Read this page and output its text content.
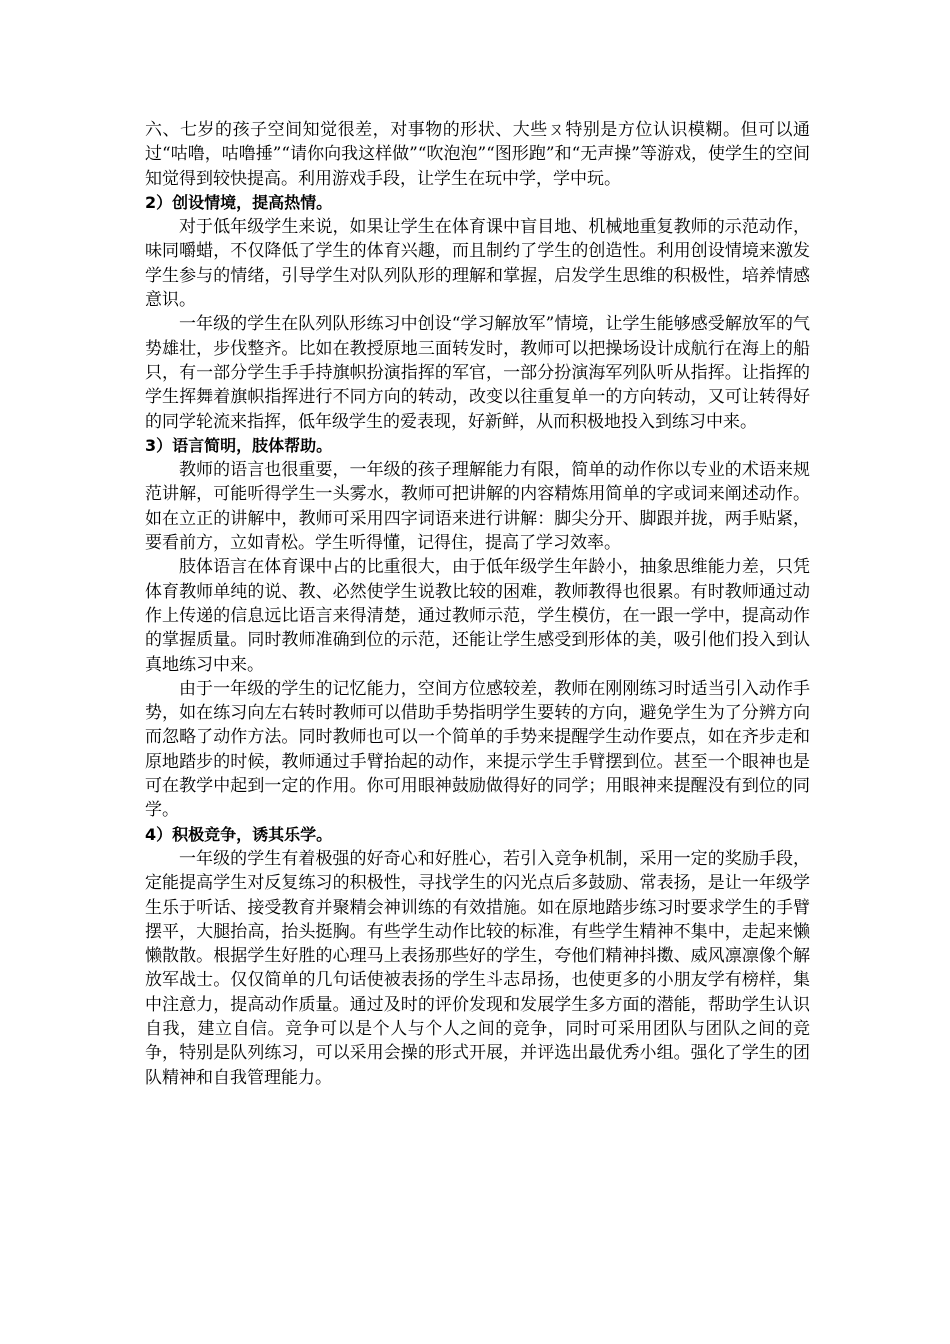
六、七岁的孩子空间知觉很差，对事物的形状、大些ㄡ特别是方位认识模糊。但可以通过“咕噜，咕噜捶”“请你向我这样做”“吹泡泡”“图形跑”和“无声操”等游戏，使学生的空间知觉得到较快提高。利用游戏手段，让学生在玩中学，学中玩。

2）创设情境，提高热情。

对于低年级学生来说，如果让学生在体育课中盲目地、机械地重复教师的示范动作，味同嚼蜡，不仅降低了学生的体育兴趣，而且制约了学生的创造性。利用创设情境来激发学生参与的情绪，引导学生对队列队形的理解和掌握，启发学生思维的积极性，培养情感意识。

一年级的学生在队列队形练习中创设“学习解放军”情境，让学生能够感受解放军的气势雄壮，步伐整齐。比如在教授原地三面转发时，教师可以把操场设计成航行在海上的船只，有一部分学生手手持旗帜扮演指挥的军官，一部分扮演海军列队听从指挥。让指挥的学生挥舞着旗帜指挥进行不同方向的转动，改变以往重复单一的方向转动，又可让转得好的同学轮流来指挥，低年级学生的爱表现，好新鲜，从而积极地投入到练习中来。

3）语言简明，肢体帮助。

教师的语言也很重要，一年级的孩子理解能力有限，简单的动作你以专业的术语来规范讲解，可能听得学生一头雾水，教师可把讲解的内容精炼用简单的字或词来阐述动作。如在立正的讲解中，教师可采用四字词语来进行讲解：脚尖分开、脚跟并拢，两手贴紧，要看前方，立如青松。学生听得懂，记得住，提高了学习效率。

肢体语言在体育课中占的比重很大，由于低年级学生年龄小，抽象思维能力差，只凭体育教师单纯的说、教、必然使学生说教比较的困难，教师教得也很累。有时教师通过动作上传递的信息远比语言来得清楚，通过教师示范，学生模仿，在一跟一学中，提高动作的掌握质量。同时教师准确到位的示范，还能让学生感受到形体的美，吸引他们投入到认真地练习中来。

由于一年级的学生的记忆能力，空间方位感较差，教师在刚刚练习时适当引入动作手势，如在练习向左右转时教师可以借助手势指明学生要转的方向，避免学生为了分辨方向而忽略了动作方法。同时教师也可以一个简单的手势来提醒学生动作要点，如在齐步走和原地踏步的时候，教师通过手臂抬起的动作，来提示学生手臂摆到位。甚至一个眼神也是可在教学中起到一定的作用。你可用眼神鼓励做得好的同学；用眼神来提醒没有到位的同学。

4）积极竞争，诱其乐学。

一年级的学生有着极强的好奇心和好胜心，若引入竞争机制，采用一定的奖励手段，定能提高学生对反复练习的积极性，寻找学生的闪光点后多鼓励、常表扬，是让一年级学生乐于听话、接受教育并聚精会神训练的有效措施。如在原地踏步练习时要求学生的手臂摆平，大腿抬高，抬头挺胸。有些学生动作比较的标准，有些学生精神不集中，走起来懒懒散散。根据学生好胜的心理马上表扬那些好的学生，夸他们精神抖擞、威风凛凛像个解放军战士。仅仅简单的几句话使被表扬的学生斗志昂扬，也使更多的小朋友学有榜样，集中注意力，提高动作质量。通过及时的评价发现和发展学生多方面的潜能，帮助学生认识自我，建立自信。竞争可以是个人与个人之间的竞争，同时可采用团队与团队之间的竞争，特别是队列练习，可以采用会操的形式开展，并评选出最优秀小组。强化了学生的团队精神和自我管理能力。
